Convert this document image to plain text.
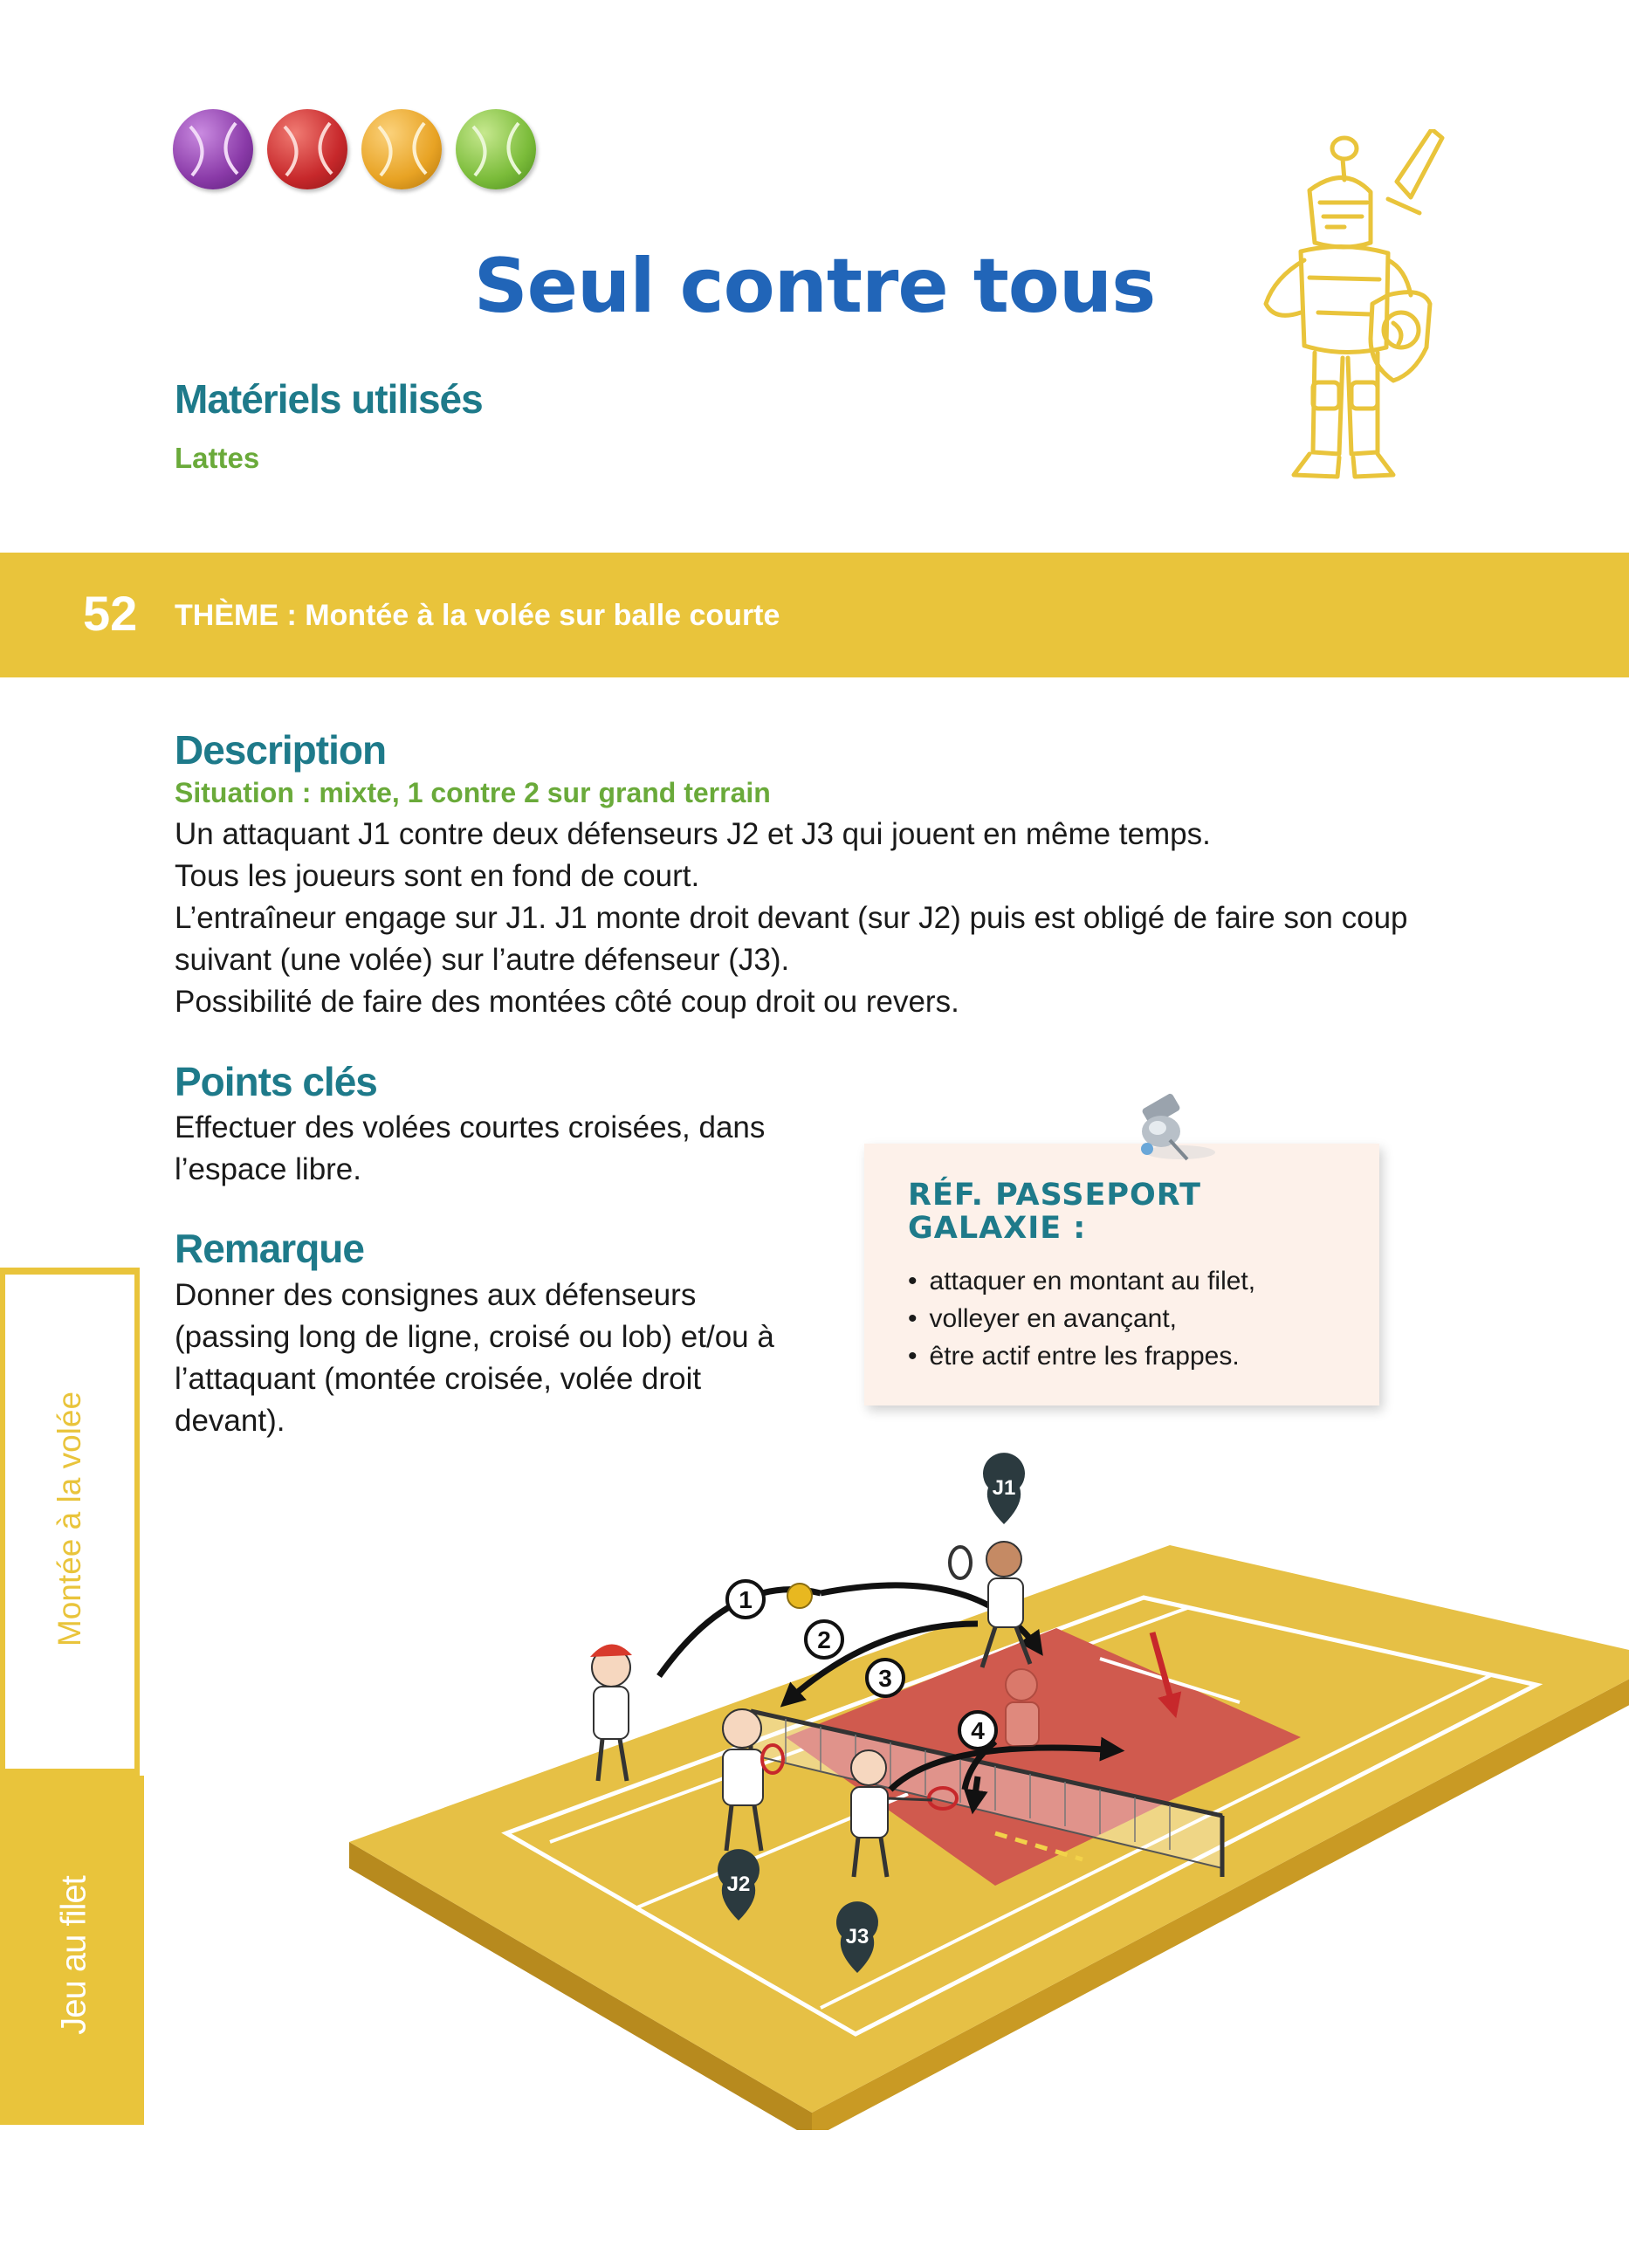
Seul contre tous
Matériels utilisés
Lattes
52 THÈME : Montée à la volée sur balle courte
Description
Situation : mixte, 1 contre 2 sur grand terrain
Un attaquant J1 contre deux défenseurs J2 et J3 qui jouent en même temps.
Tous les joueurs sont en fond de court.
L’entraîneur engage sur J1. J1 monte droit devant (sur J2) puis est obligé de faire son coup suivant (une volée) sur l’autre défenseur (J3).
Possibilité de faire des montées côté coup droit ou revers.
Points clés
Effectuer des volées courtes croisées, dans l’espace libre.
Remarque
Donner des consignes aux défenseurs (passing long de ligne, croisé ou lob) et/ou à l’attaquant (montée croisée, volée droit devant).
RÉF. PASSEPORT
GALAXIE :
• attaquer en montant au filet,
• volleyer en avançant,
• être actif entre les frappes.
Montée à la volée
Jeu au filet
1
2
3
4
J1
J2
J3
